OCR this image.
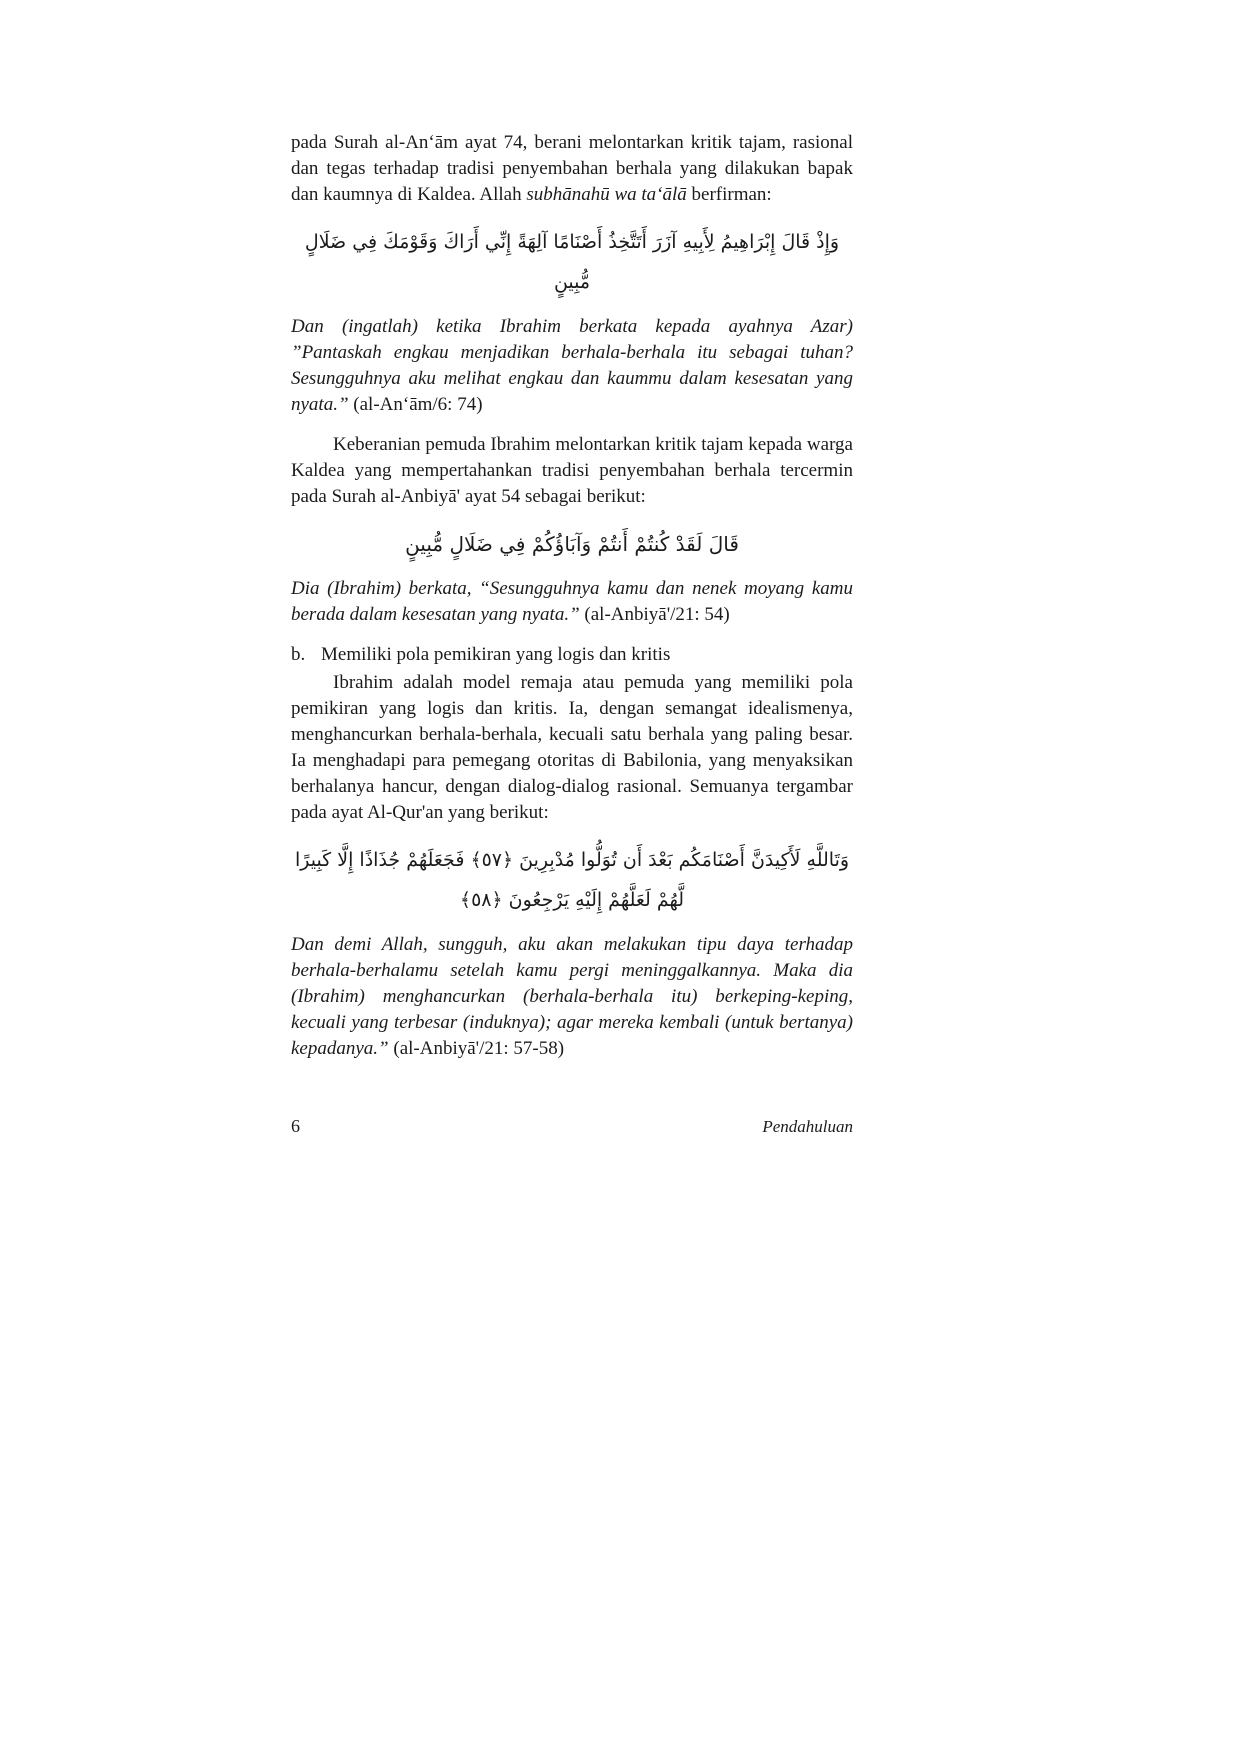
pada Surah al-An‘ām ayat 74, berani melontarkan kritik tajam, rasional dan tegas terhadap tradisi penyembahan berhala yang dilakukan bapak dan kaumnya di Kaldea. Allah subhānahū wa ta‘ālā berfirman:

وَإِذْ قَالَ إِبْرَاهِيمُ لِأَبِيهِ آزَرَ أَتَتَّخِذُ أَصْنَامًا آلِهَةً إِنِّي أَرَاكَ وَقَوْمَكَ فِي ضَلَالٍ مُّبِينٍ

Dan (ingatlah) ketika Ibrahim berkata kepada ayahnya Azar) ”Pantaskah engkau menjadikan berhala-berhala itu sebagai tuhan? Sesungguhnya aku melihat engkau dan kaummu dalam kesesatan yang nyata.” (al-An‘ām/6: 74)

Keberanian pemuda Ibrahim melontarkan kritik tajam kepada warga Kaldea yang mempertahankan tradisi penyembahan berhala tercermin pada Surah al-Anbiyā' ayat 54 sebagai berikut:

قَالَ لَقَدْ كُنتُمْ أَنتُمْ وَآبَاؤُكُمْ فِي ضَلَالٍ مُّبِينٍ

Dia (Ibrahim) berkata, “Sesungguhnya kamu dan nenek moyang kamu berada dalam kesesatan yang nyata.” (al-Anbiyā'/21: 54)

b. Memiliki pola pemikiran yang logis dan kritis

Ibrahim adalah model remaja atau pemuda yang memiliki pola pemikiran yang logis dan kritis. Ia, dengan semangat idealismenya, menghancurkan berhala-berhala, kecuali satu berhala yang paling besar. Ia menghadapi para pemegang otoritas di Babilonia, yang menyaksikan berhalanya hancur, dengan dialog-dialog rasional. Semuanya tergambar pada ayat Al-Qur'an yang berikut:

وَتَاللَّهِ لَأَكِيدَنَّ أَصْنَامَكُم بَعْدَ أَن تُوَلُّوا مُدْبِرِينَ ﴿٥٧﴾ فَجَعَلَهُمْ جُذَاذًا إِلَّا كَبِيرًا لَّهُمْ لَعَلَّهُمْ إِلَيْهِ يَرْجِعُونَ ﴿٥٨﴾

Dan demi Allah, sungguh, aku akan melakukan tipu daya terhadap berhala-berhalamu setelah kamu pergi meninggalkannya. Maka dia (Ibrahim) menghancurkan (berhala-berhala itu) berkeping-keping, kecuali yang terbesar (induknya); agar mereka kembali (untuk bertanya) kepadanya.” (al-Anbiyā'/21: 57-58)

6	Pendahuluan
